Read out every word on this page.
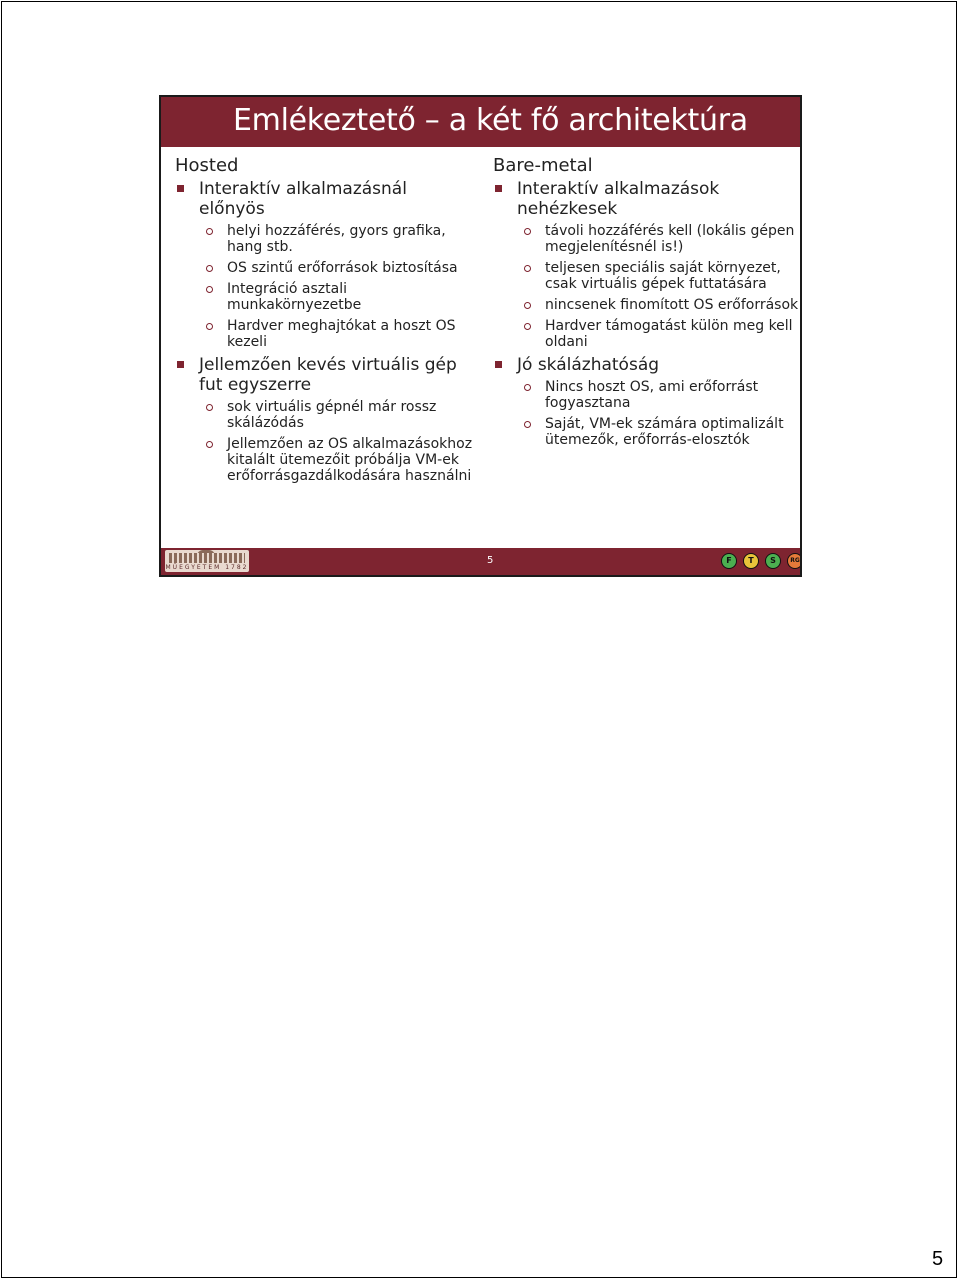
Emlékeztető – a két fő architektúra
Hosted
Interaktív alkalmazásnál előnyös
helyi hozzáférés, gyors grafika, hang stb.
OS szintű erőforrások biztosítása
Integráció asztali munkakörnyezetbe
Hardver meghajtókat a hoszt OS kezeli
Jellemzően kevés virtuális gép fut egyszerre
sok virtuális gépnél már rossz skálázódás
Jellemzően az OS alkalmazásokhoz kitalált ütemezőit próbálja VM-ek erőforrásgazdálkodására használni
Bare-metal
Interaktív alkalmazások nehézkesek
távoli hozzáférés kell (lokális gépen megjelenítésnél is!)
teljesen speciális saját környezet, csak virtuális gépek futtatására
nincsenek finomított OS erőforrások
Hardver támogatást külön meg kell oldani
Jó skálázhatóság
Nincs hoszt OS, ami erőforrást fogyasztana
Saját, VM-ek számára optimalizált ütemezők, erőforrás-elosztók
MŰEGYETEM 1782
5	F	T	S	RG
5
